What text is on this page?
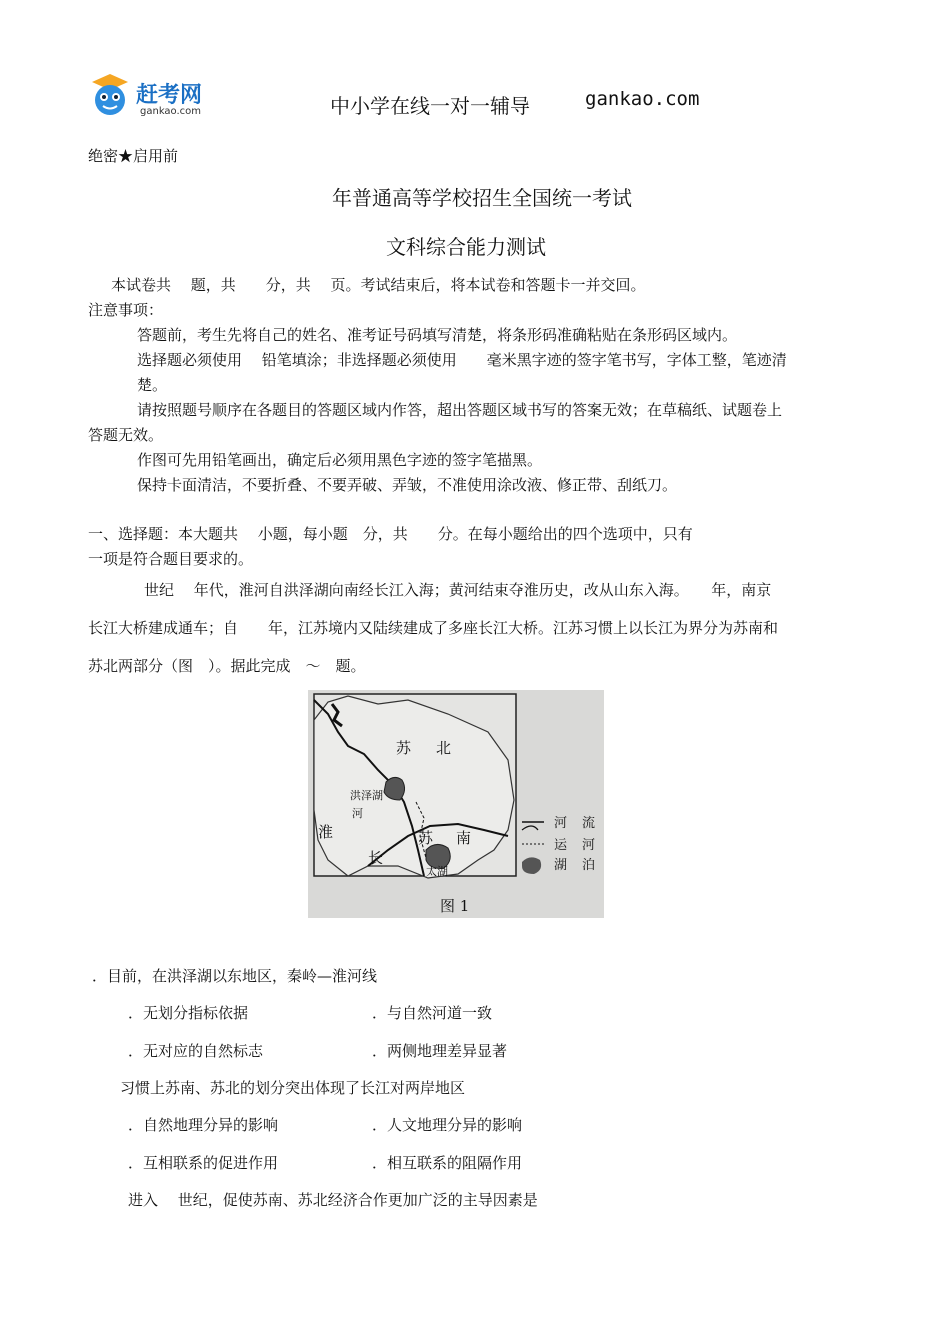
赶考网
gankao.com	中小学在线一对一辅导	gankao.com
绝密★启用前
年普通高等学校招生全国统一考试
文科综合能力测试
本试卷共　 题，共　　分，共　 页。考试结束后，将本试卷和答题卡一并交回。
注意事项：
答题前，考生先将自己的姓名、准考证号码填写清楚，将条形码准确粘贴在条形码区域内。
选择题必须使用　 铅笔填涂；非选择题必须使用　　毫米黑字迹的签字笔书写，字体工整，笔迹清
楚。
请按照题号顺序在各题目的答题区域内作答，超出答题区域书写的答案无效；在草稿纸、试题卷上
答题无效。
作图可先用铅笔画出，确定后必须用黑色字迹的签字笔描黑。
保持卡面清洁，不要折叠、不要弄破、弄皱，不准使用涂改液、修正带、刮纸刀。
一、选择题：本大题共　 小题，每小题　分，共　　分。在每小题给出的四个选项中，只有
一项是符合题目要求的。
世纪　 年代，淮河自洪泽湖向南经长江入海；黄河结束夺淮历史，改从山东入海。　　年，南京
长江大桥建成通车；自　　年，江苏境内又陆续建成了多座长江大桥。江苏习惯上以长江为界分为苏南和
苏北两部分（图　）。据此完成　～　题。
苏 北
洪泽湖
河
淮	苏 南
长
太湖
河 流
运 河
湖 泊
图 1
．目前，在洪泽湖以东地区，秦岭—淮河线
．无划分指标依据	．与自然河道一致
．无对应的自然标志	．两侧地理差异显著
习惯上苏南、苏北的划分突出体现了长江对两岸地区
．自然地理分异的影响	．人文地理分异的影响
．互相联系的促进作用	．相互联系的阻隔作用
进入　 世纪，促使苏南、苏北经济合作更加广泛的主导因素是
